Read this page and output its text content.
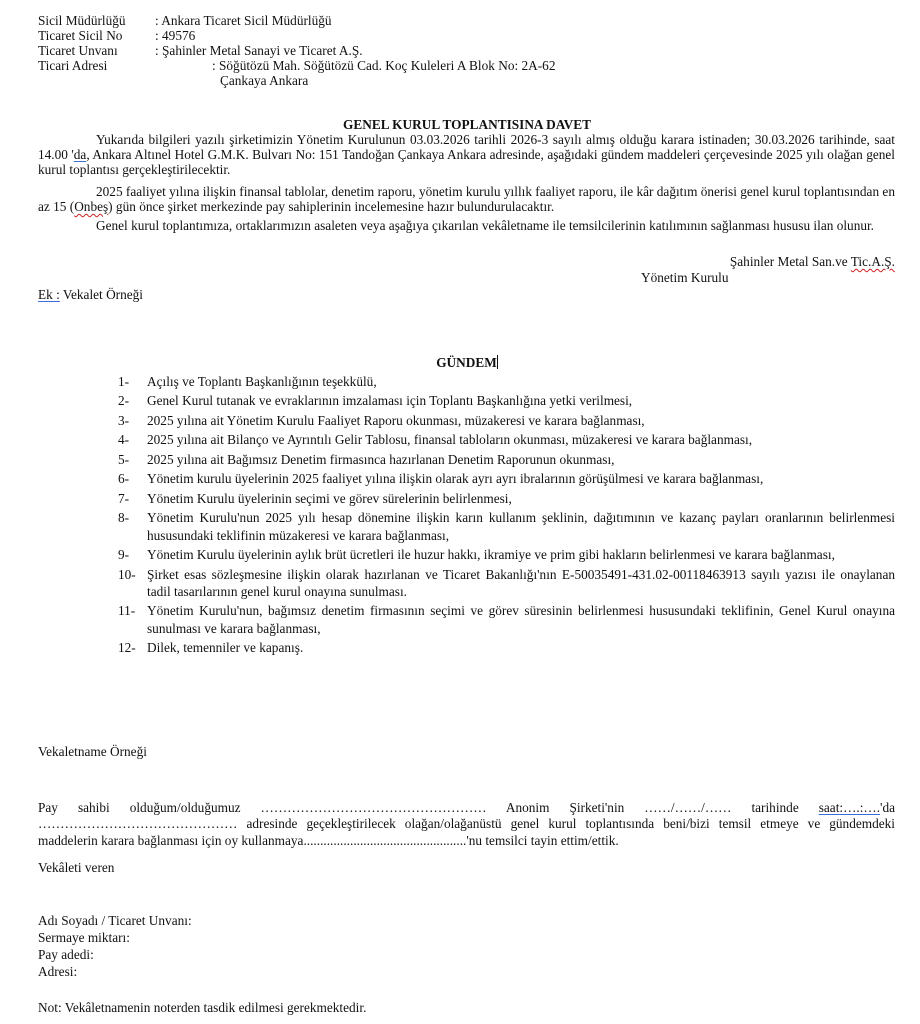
Sicil Müdürlüğü : Ankara Ticaret Sicil Müdürlüğü
Ticaret Sicil No : 49576
Ticaret Unvanı	: Şahinler Metal Sanayi ve Ticaret A.Ş.
Ticari Adresi	: Söğütözü Mah. Söğütözü Cad. Koç Kuleleri A Blok No: 2A-62
Çankaya Ankara
GENEL KURUL TOPLANTISINA DAVET
Yukarıda bilgileri yazılı şirketimizin Yönetim Kurulunun 03.03.2026 tarihli 2026-3 sayılı almış olduğu karara istinaden; 30.03.2026 tarihinde, saat 14.00 'da, Ankara Altınel Hotel G.M.K. Bulvarı No: 151 Tandoğan Çankaya Ankara adresinde, aşağıdaki gündem maddeleri çerçevesinde 2025 yılı olağan genel kurul toplantısı gerçekleştirilecektir.
2025 faaliyet yılına ilişkin finansal tablolar, denetim raporu, yönetim kurulu yıllık faaliyet raporu, ile kâr dağıtım önerisi genel kurul toplantısından en az 15 (Onbeş) gün önce şirket merkezinde pay sahiplerinin incelemesine hazır bulundurulacaktır.
Genel kurul toplantımıza, ortaklarımızın asaleten veya aşağıya çıkarılan vekâletname ile temsilcilerinin katılımının sağlanması hususu ilan olunur.
Şahinler Metal San.ve Tic.A.Ş.
Yönetim Kurulu
Ek : Vekalet Örneği
GÜNDEM
1- Açılış ve Toplantı Başkanlığının teşekkülü,
2- Genel Kurul tutanak ve evraklarının imzalaması için Toplantı Başkanlığına yetki verilmesi,
3- 2025 yılına ait Yönetim Kurulu Faaliyet Raporu okunması, müzakeresi ve karara bağlanması,
4- 2025 yılına ait Bilanço ve Ayrıntılı Gelir Tablosu, finansal tabloların okunması, müzakeresi ve karara bağlanması,
5- 2025 yılına ait Bağımsız Denetim firmasınca hazırlanan Denetim Raporunun okunması,
6- Yönetim kurulu üyelerinin 2025 faaliyet yılına ilişkin olarak ayrı ayrı ibralarının görüşülmesi ve karara bağlanması,
7- Yönetim Kurulu üyelerinin seçimi ve görev sürelerinin belirlenmesi,
8- Yönetim Kurulu'nun 2025 yılı hesap dönemine ilişkin karın kullanım şeklinin, dağıtımının ve kazanç payları oranlarının belirlenmesi hususundaki teklifinin müzakeresi ve karara bağlanması,
9- Yönetim Kurulu üyelerinin aylık brüt ücretleri ile huzur hakkı, ikramiye ve prim gibi hakların belirlenmesi ve karara bağlanması,
10- Şirket esas sözleşmesine ilişkin olarak hazırlanan ve Ticaret Bakanlığı'nın E-50035491-431.02-00118463913 sayılı yazısı ile onaylanan tadil tasarılarının genel kurul onayına sunulması.
11- Yönetim Kurulu'nun, bağımsız denetim firmasının seçimi ve görev süresinin belirlenmesi hususundaki teklifinin, Genel Kurul onayına sunulması ve karara bağlanması,
12- Dilek, temenniler ve kapanış.
Vekaletname Örneği
Pay sahibi olduğum/olduğumuz …………………………………………… Anonim Şirketi'nin ……/……/…… tarihinde saat:….:….'da ……………………………………… adresinde geçekleştirilecek olağan/olağanüstü genel kurul toplantısında beni/bizi temsil etmeye ve gündemdeki maddelerin karara bağlanması için oy kullanmaya.................................................'nu temsilci tayin ettim/ettik.
Vekâleti veren
Adı Soyadı / Ticaret Unvanı:
Sermaye miktarı:
Pay adedi:
Adresi:
Not: Vekâletnamenin noterden tasdik edilmesi gerekmektedir.
